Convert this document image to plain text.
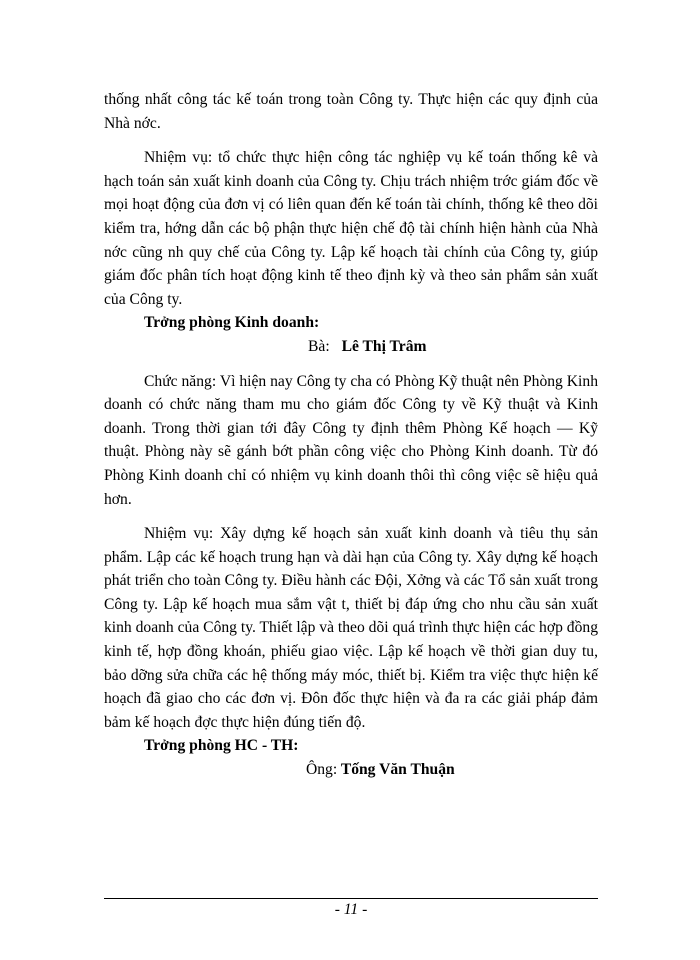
thống nhất công tác kế toán trong toàn Công ty. Thực hiện các quy định của Nhà nớc.

Nhiệm vụ: tổ chức thực hiện công tác nghiệp vụ kế toán thống kê và hạch toán sản xuất kinh doanh của Công ty. Chịu trách nhiệm trớc giám đốc về mọi hoạt động của đơn vị có liên quan đến kế toán tài chính, thống kê theo dõi kiểm tra, hớng dẫn các bộ phận thực hiện chế độ tài chính hiện hành của Nhà nớc cũng nh quy chế của Công ty. Lập kế hoạch tài chính của Công ty, giúp giám đốc phân tích hoạt động kinh tế theo định kỳ và theo sản phẩm sản xuất của Công ty.

Trởng phòng Kinh doanh:

Bà: Lê Thị Trâm

Chức năng: Vì hiện nay Công ty cha có Phòng Kỹ thuật nên Phòng Kinh doanh có chức năng tham mu cho giám đốc Công ty về Kỹ thuật và Kinh doanh. Trong thời gian tới đây Công ty định thêm Phòng Kế hoạch — Kỹ thuật. Phòng này sẽ gánh bớt phần công việc cho Phòng Kinh doanh. Từ đó Phòng Kinh doanh chỉ có nhiệm vụ kinh doanh thôi thì công việc sẽ hiệu quả hơn.

Nhiệm vụ: Xây dựng kế hoạch sản xuất kinh doanh và tiêu thụ sản phẩm. Lập các kế hoạch trung hạn và dài hạn của Công ty. Xây dựng kế hoạch phát triển cho toàn Công ty. Điều hành các Đội, Xởng và các Tổ sản xuất trong Công ty. Lập kế hoạch mua sắm vật t, thiết bị đáp ứng cho nhu cầu sản xuất kinh doanh của Công ty. Thiết lập và theo dõi quá trình thực hiện các hợp đồng kinh tế, hợp đồng khoán, phiếu giao việc. Lập kế hoạch về thời gian duy tu, bảo dỡng sửa chữa các hệ thống máy móc, thiết bị. Kiểm tra việc thực hiện kế hoạch đã giao cho các đơn vị. Đôn đốc thực hiện và đa ra các giải pháp đảm bảm kế hoạch đợc thực hiện đúng tiến độ.

Trởng phòng HC - TH:

Ông: Tống Văn Thuận

- 11 -
